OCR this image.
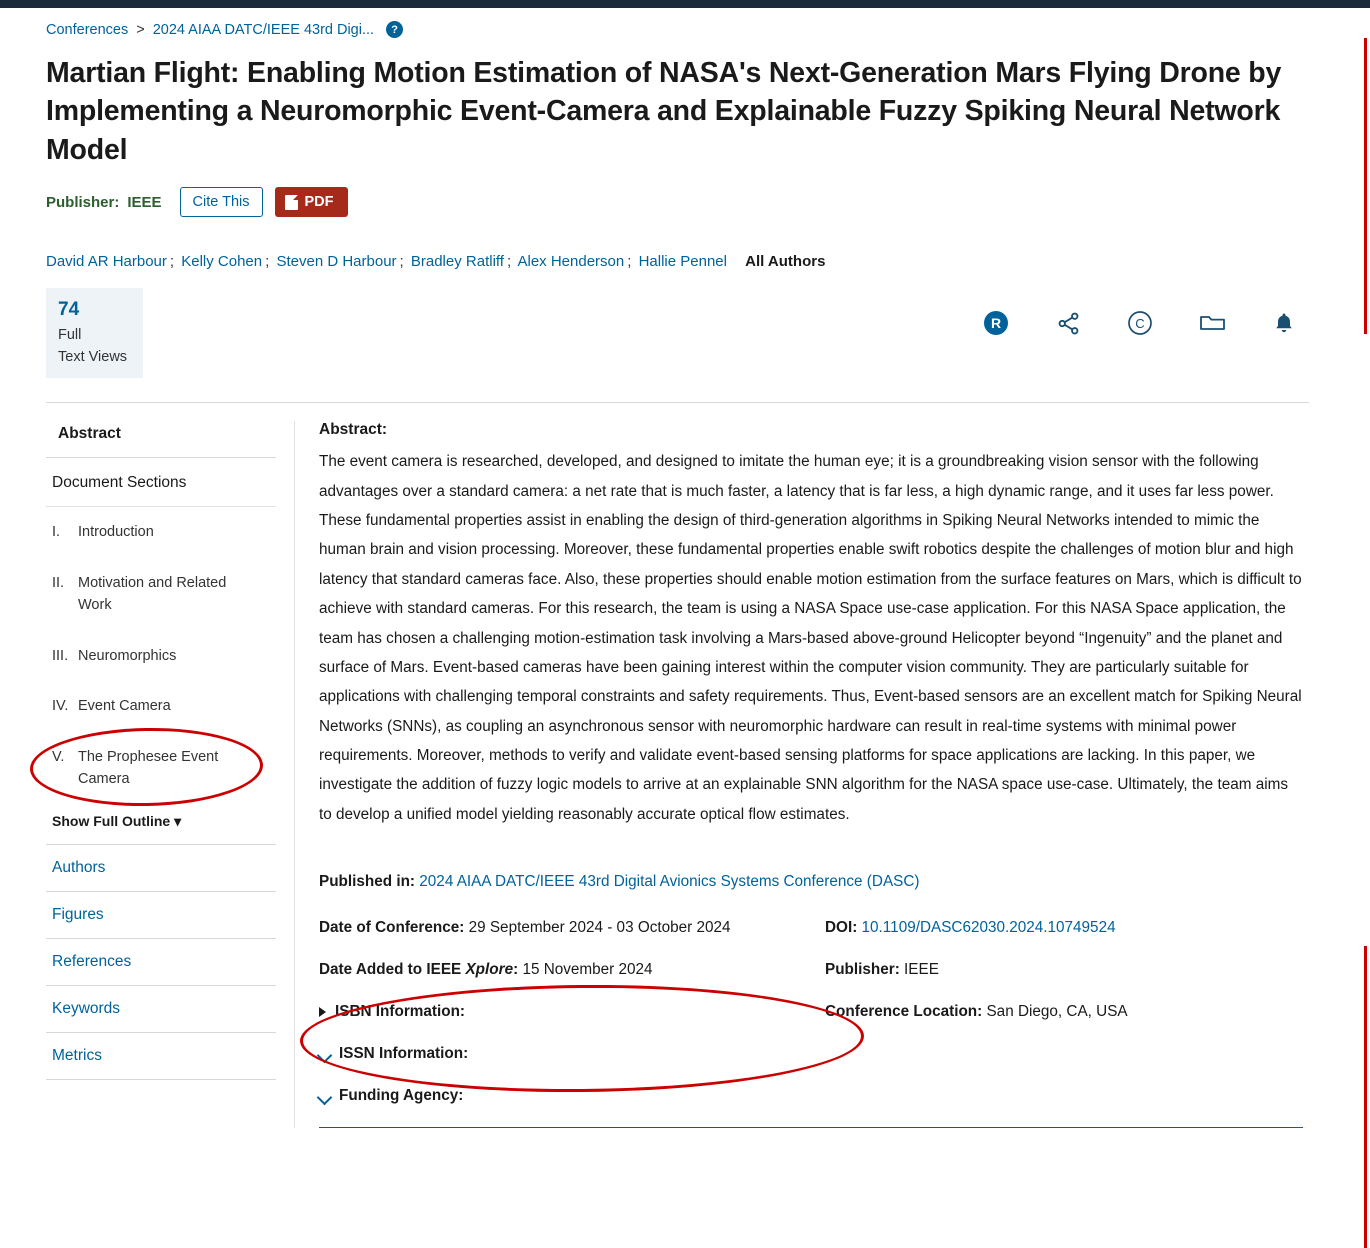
Conferences > 2024 AIAA DATC/IEEE 43rd Digi...	?
Martian Flight: Enabling Motion Estimation of NASA's Next-Generation Mars Flying Drone by Implementing a Neuromorphic Event-Camera and Explainable Fuzzy Spiking Neural Network Model
Publisher: IEEE	Cite This	PDF
David AR Harbour ; Kelly Cohen ; Steven D Harbour ; Bradley Ratliff ; Alex Henderson ; Hallie Pennel All Authors
74
Full
Text Views
R	C
Abstract
Document Sections
I. Introduction
II. Motivation and Related Work
III. Neuromorphics
IV. Event Camera
V. The Prophesee Event Camera
Show Full Outline ▾
Authors
Figures
References
Keywords
Metrics
Abstract:
The event camera is researched, developed, and designed to imitate the human eye; it is a groundbreaking vision sensor with the following advantages over a standard camera: a net rate that is much faster, a latency that is far less, a high dynamic range, and it uses far less power. These fundamental properties assist in enabling the design of third-generation algorithms in Spiking Neural Networks intended to mimic the human brain and vision processing. Moreover, these fundamental properties enable swift robotics despite the challenges of motion blur and high latency that standard cameras face. Also, these properties should enable motion estimation from the surface features on Mars, which is difficult to achieve with standard cameras. For this research, the team is using a NASA Space use-case application. For this NASA Space application, the team has chosen a challenging motion-estimation task involving a Mars-based above-ground Helicopter beyond “Ingenuity” and the planet and surface of Mars. Event-based cameras have been gaining interest within the computer vision community. They are particularly suitable for applications with challenging temporal constraints and safety requirements. Thus, Event-based sensors are an excellent match for Spiking Neural Networks (SNNs), as coupling an asynchronous sensor with neuromorphic hardware can result in real-time systems with minimal power requirements. Moreover, methods to verify and validate event-based sensing platforms for space applications are lacking. In this paper, we investigate the addition of fuzzy logic models to arrive at an explainable SNN algorithm for the NASA space use-case. Ultimately, the team aims to develop a unified model yielding reasonably accurate optical flow estimates.
Published in: 2024 AIAA DATC/IEEE 43rd Digital Avionics Systems Conference (DASC)
Date of Conference: 29 September 2024 - 03 October 2024	DOI: 10.1109/DASC62030.2024.10749524
Date Added to IEEE Xplore: 15 November 2024	Publisher: IEEE
ISBN Information:	Conference Location: San Diego, CA, USA
ISSN Information:
Funding Agency:
